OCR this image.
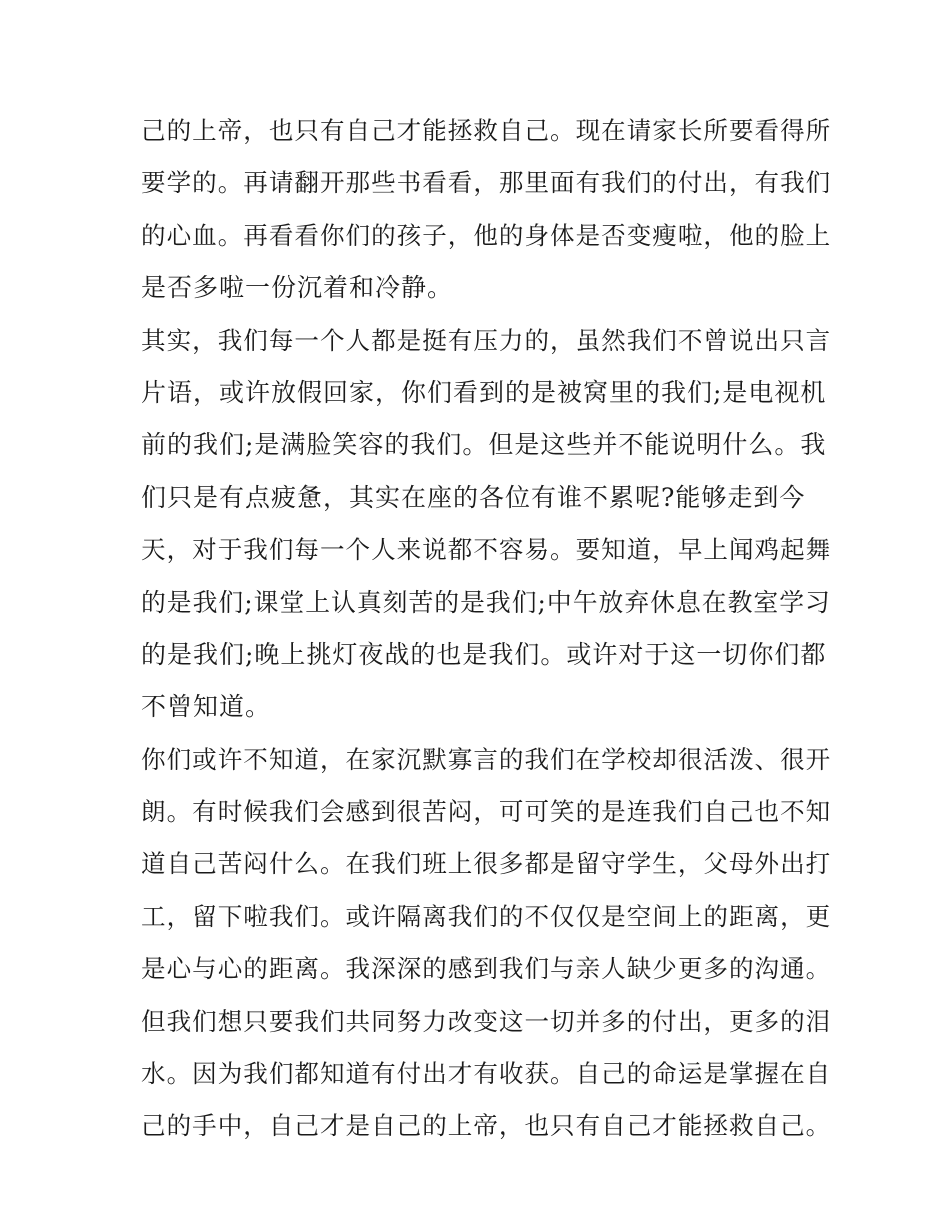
己的上帝，也只有自己才能拯救自己。现在请家长所要看得所
要学的。再请翻开那些书看看，那里面有我们的付出，有我们
的心血。再看看你们的孩子，他的身体是否变瘦啦，他的脸上
是否多啦一份沉着和冷静。
其实，我们每一个人都是挺有压力的，虽然我们不曾说出只言
片语，或许放假回家，你们看到的是被窝里的我们;是电视机
前的我们;是满脸笑容的我们。但是这些并不能说明什么。我
们只是有点疲惫，其实在座的各位有谁不累呢?能够走到今
天，对于我们每一个人来说都不容易。要知道，早上闻鸡起舞
的是我们;课堂上认真刻苦的是我们;中午放弃休息在教室学习
的是我们;晚上挑灯夜战的也是我们。或许对于这一切你们都
不曾知道。
你们或许不知道，在家沉默寡言的我们在学校却很活泼、很开
朗。有时候我们会感到很苦闷，可可笑的是连我们自己也不知
道自己苦闷什么。在我们班上很多都是留守学生，父母外出打
工，留下啦我们。或许隔离我们的不仅仅是空间上的距离，更
是心与心的距离。我深深的感到我们与亲人缺少更多的沟通。
但我们想只要我们共同努力改变这一切并多的付出，更多的泪
水。因为我们都知道有付出才有收获。自己的命运是掌握在自
己的手中，自己才是自己的上帝，也只有自己才能拯救自己。
